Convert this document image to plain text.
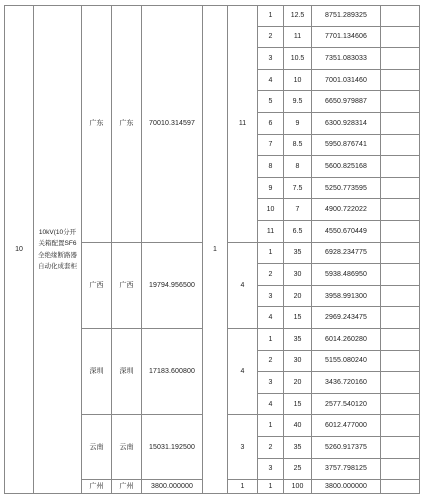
10
10kV(10分开关箱配置SF6全绝缘断路器自动化成套柜
1
广东	广东	70010.314597	11
1	12.5	8751.289325
2	11	7701.134606
3	10.5	7351.083033
4	10	7001.031460
5	9.5	6650.979887
6	9	6300.928314
7	8.5	5950.876741
8	8	5600.825168
9	7.5	5250.773595
10	7	4900.722022
11	6.5	4550.670449
广西	广西	19794.956500	4
1	35	6928.234775
2	30	5938.486950
3	20	3958.991300
4	15	2969.243475
深圳	深圳	17183.600800	4
1	35	6014.260280
2	30	5155.080240
3	20	3436.720160
4	15	2577.540120
云南	云南	15031.192500	3
1	40	6012.477000
2	35	5260.917375
3	25	3757.798125
广州	广州	3800.000000	1	1	100	3800.000000
